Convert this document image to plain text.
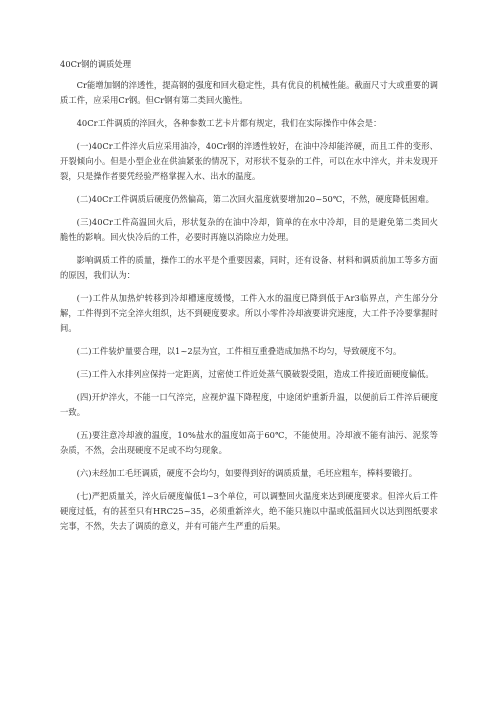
40Cr钢的调质处理

Cr能增加钢的淬透性，提高钢的强度和回火稳定性，具有优良的机械性能。截面尺寸大或重要的调质工件，应采用Cr钢。但Cr钢有第二类回火脆性。

40Cr工件调质的淬回火，各种参数工艺卡片都有规定，我们在实际操作中体会是：

(一)40Cr工件淬火后应采用油冷，40Cr钢的淬透性较好，在油中冷却能淬硬，而且工件的变形、开裂倾向小。但是小型企业在供油紧张的情况下，对形状不复杂的工件，可以在水中淬火，并未发现开裂，只是操作者要凭经验严格掌握入水、出水的温度。

(二)40Cr工件调质后硬度仍然偏高，第二次回火温度就要增加20~50℃，不然，硬度降低困难。

(三)40Cr工件高温回火后，形状复杂的在油中冷却，简单的在水中冷却，目的是避免第二类回火脆性的影响。回火快冷后的工件，必要时再施以消除应力处理。

影响调质工件的质量，操作工的水平是个重要因素，同时，还有设备、材料和调质前加工等多方面的原因，我们认为：

(一)工件从加热炉转移到冷却槽速度缓慢，工件入水的温度已降到低于Ar3临界点，产生部分分解，工件得到不完全淬火组织，达不到硬度要求。所以小零件冷却液要讲究速度，大工件予冷要掌握时间。

(二)工件装炉量要合理，以1~2层为宜，工件相互重叠造成加热不均匀，导致硬度不匀。

(三)工件入水排列应保持一定距离，过密使工件近处蒸气膜破裂受阻，造成工件接近面硬度偏低。

(四)开炉淬火，不能一口气淬完，应视炉温下降程度，中途闭炉重新升温，以便前后工件淬后硬度一致。

(五)要注意冷却液的温度，10%盐水的温度如高于60℃，不能使用。冷却液不能有油污、泥浆等杂质，不然，会出现硬度不足或不均匀现象。

(六)未经加工毛坯调质，硬度不会均匀，如要得到好的调质质量，毛坯应粗车，棒料要锻打。

(七)严把质量关，淬火后硬度偏低1~3个单位，可以调整回火温度来达到硬度要求。但淬火后工件硬度过低，有的甚至只有HRC25~35，必须重新淬火，绝不能只施以中温或低温回火以达到图纸要求完事，不然，失去了调质的意义，并有可能产生严重的后果。
